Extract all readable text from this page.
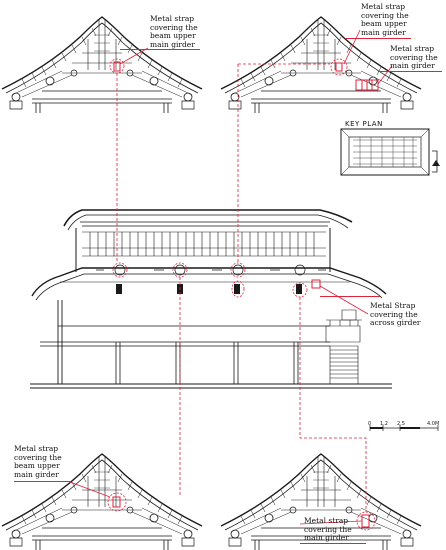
Metal strap
covering the
beam upper
main girder
Metal strap
covering the
beam upper
main girder
Metal strap
covering the
main girder
Metal Strap
covering the
across girder
Metal strap
covering the
beam upper
main girder
Metal strap
covering the
main girder
KEY PLAN
0 1.2 2.5	4.0M
